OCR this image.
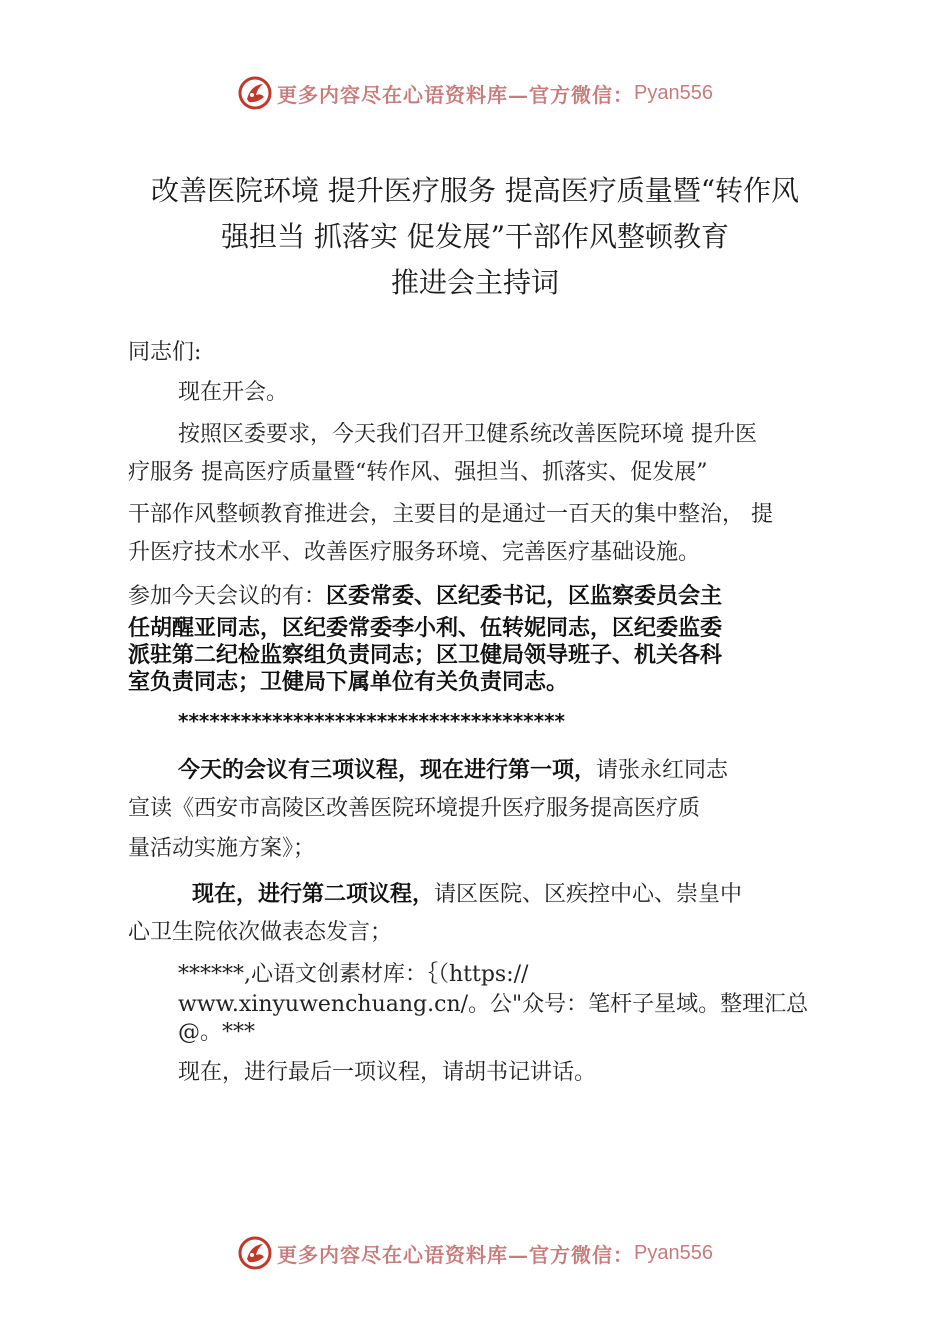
更多内容尽在心语资料库—官方微信： Pyan556
改善医院环境 提升医疗服务 提高医疗质量暨“转作风
强担当 抓落实 促发展”干部作风整顿教育
推进会主持词
同志们:
现在开会。
按照区委要求，今天我们召开卫健系统改善医院环境 提升医
疗服务 提高医疗质量暨“转作风、强担当、抓落实、促发展”
干部作风整顿教育推进会，主要目的是通过一百天的集中整治， 提
升医疗技术水平、改善医疗服务环境、完善医疗基础设施。
参加今天会议的有：区委常委、区纪委书记，区监察委员会主
任胡醒亚同志，区纪委常委李小利、伍转妮同志，区纪委监委
派驻第二纪检监察组负责同志；区卫健局领导班子、机关各科
室负责同志；卫健局下属单位有关负责同志。
*************************************
今天的会议有三项议程，现在进行第一项，请张永红同志
宣读《西安市高陵区改善医院环境提升医疗服务提高医疗质
量活动实施方案》；
现在，进行第二项议程，请区医院、区疾控中心、崇皇中
心卫生院依次做表态发言；
******,心语文创素材库：｛（https://
www.xinyuwenchuang.cn/。公"众号：笔杆子星域。整理汇总
@。***
现在，进行最后一项议程，请胡书记讲话。
更多内容尽在心语资料库—官方微信： Pyan556
